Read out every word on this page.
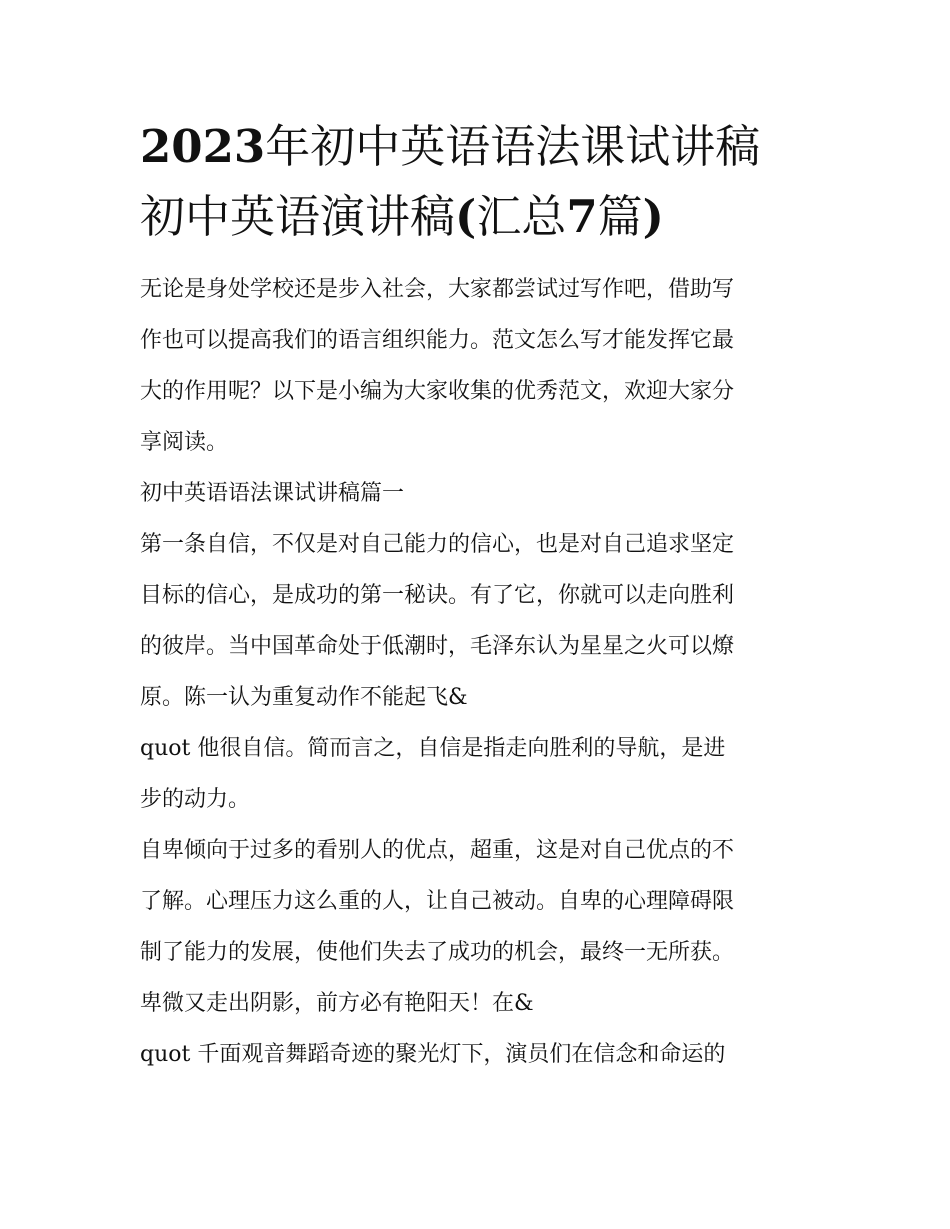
2023年初中英语语法课试讲稿
初中英语演讲稿(汇总7篇)

无论是身处学校还是步入社会，大家都尝试过写作吧，借助写

作也可以提高我们的语言组织能力。范文怎么写才能发挥它最

大的作用呢？以下是小编为大家收集的优秀范文，欢迎大家分

享阅读。

初中英语语法课试讲稿篇一

第一条自信，不仅是对自己能力的信心，也是对自己追求坚定

目标的信心，是成功的第一秘诀。有了它，你就可以走向胜利

的彼岸。当中国革命处于低潮时，毛泽东认为星星之火可以燎

原。陈一认为重复动作不能起飞&

quot 他很自信。简而言之，自信是指走向胜利的导航，是进

步的动力。

自卑倾向于过多的看别人的优点，超重，这是对自己优点的不

了解。心理压力这么重的人，让自己被动。自卑的心理障碍限

制了能力的发展，使他们失去了成功的机会，最终一无所获。

卑微又走出阴影，前方必有艳阳天！在&

quot 千面观音舞蹈奇迹的聚光灯下，演员们在信念和命运的
